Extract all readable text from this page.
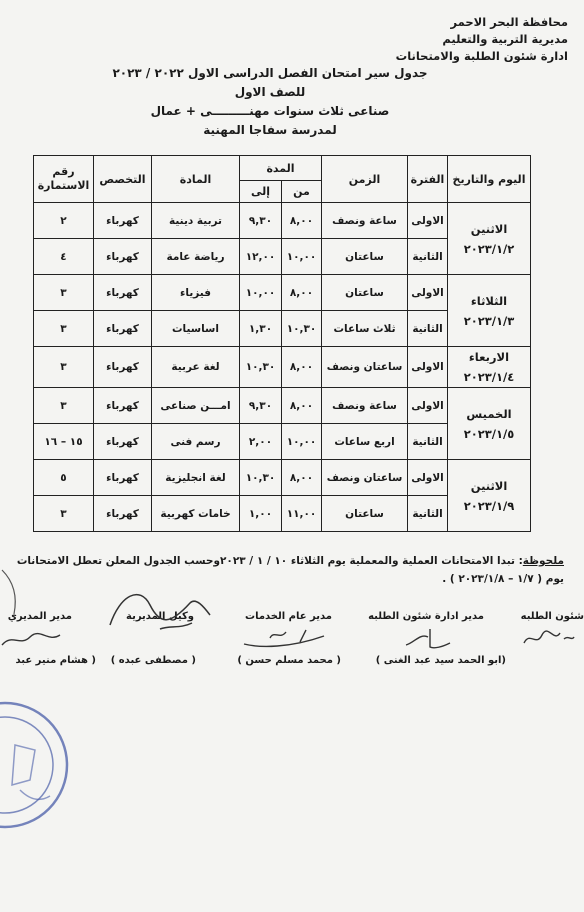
محافظة البحر الاحمر
مديرية التربية والتعليم
ادارة شئون الطلبة والامتحانات
جدول سير امتحان الفصل الدراسى الاول ٢٠٢٢ / ٢٠٢٣
للصف الاول
صناعى ثلاث سنوات مهنـــــــــى + عمال
لمدرسة سفاجا المهنية
اليوم والتاريخ	الفترة	الزمن	المدة		المادة	التخصص	رقم الاستمارة
			من	إلى			

الاثنين
٢٠٢٣/١/٢	الاولى	ساعة ونصف	٨,٠٠	٩,٣٠	تربية دينية	كهرباء	٢
	الثانية	ساعتان	١٠,٠٠	١٢,٠٠	رياضة عامة	كهرباء	٤

الثلاثاء
٢٠٢٣/١/٣	الاولى	ساعتان	٨,٠٠	١٠,٠٠	فيزياء	كهرباء	٣
	الثانية	ثلاث ساعات	١٠,٣٠	١,٣٠	اساسيات	كهرباء	٣

الاربعاء
٢٠٢٣/١/٤	الاولى	ساعتان ونصف	٨,٠٠	١٠,٣٠	لغة عربية	كهرباء	٣

الخميس
٢٠٢٣/١/٥	الاولى	ساعة ونصف	٨,٠٠	٩,٣٠	امـــن صناعى	كهرباء	٣
	الثانية	اربع ساعات	١٠,٠٠	٢,٠٠	رسم فنى	كهرباء	١٥ – ١٦

الاثنين
٢٠٢٣/١/٩	الاولى	ساعتان ونصف	٨,٠٠	١٠,٣٠	لغة انجليزية	كهرباء	٥
	الثانية	ساعتان	١١,٠٠	١,٠٠	خامات كهربية	كهرباء	٣
ملحوظة: تبدا الامتحانات العملية والمعملية يوم الثلاثاء ١٠ / ١ / ٢٠٢٣وحسب الجدول المعلن تعطل الامتحانات
يوم ( ١/٧ – ٢٠٢٣/١/٨ ) .
شئون الطلبه
مدير ادارة شئون الطلبه
مدير عام الخدمات
وكيل المديرية
مدير المديري
(ابو الحمد سيد عبد الغنى )
( محمد مسلم حسن )
( مصطفى عبده )
( هشام منير عبد
